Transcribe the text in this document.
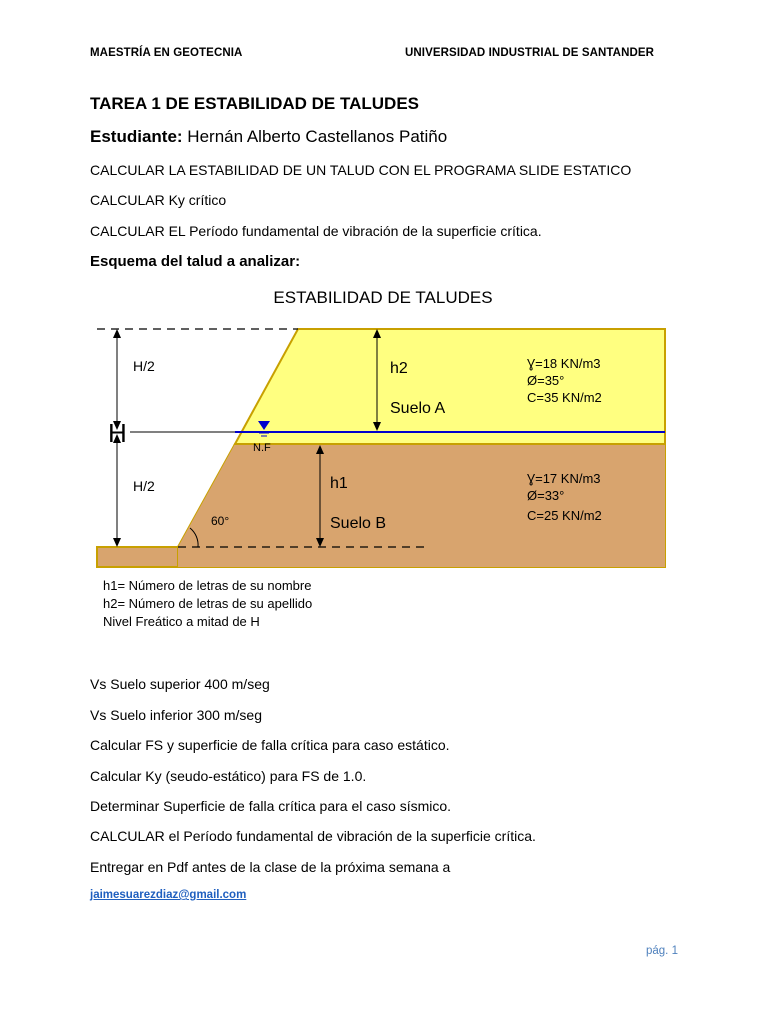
MAESTRÍA EN GEOTECNIA	UNIVERSIDAD INDUSTRIAL DE SANTANDER
TAREA 1 DE ESTABILIDAD DE TALUDES
Estudiante: Hernán Alberto Castellanos Patiño
CALCULAR LA ESTABILIDAD DE UN TALUD CON EL PROGRAMA SLIDE ESTATICO
CALCULAR Ky crítico
CALCULAR EL Período fundamental de vibración de la superficie crítica.
Esquema del talud a analizar:
ESTABILIDAD DE TALUDES
N.F
H/2
H
H/2
h2
Suelo A
h1
Suelo B
60°
Ɣ=18 KN/m3
Ø=35°
C=35 KN/m2
Ɣ=17 KN/m3
Ø=33°
C=25 KN/m2
h1= Número de letras de su nombre
h2= Número de letras de su apellido
Nivel Freático a mitad de H
Vs Suelo superior 400 m/seg
Vs Suelo inferior 300 m/seg
Calcular FS y superficie de falla crítica para caso estático.
Calcular Ky (seudo-estático) para FS de 1.0.
Determinar Superficie de falla crítica para el caso sísmico.
CALCULAR el Período fundamental de vibración de la superficie crítica.
Entregar en Pdf antes de la clase de la próxima semana a
jaimesuarezdiaz@gmail.com
pág. 1
